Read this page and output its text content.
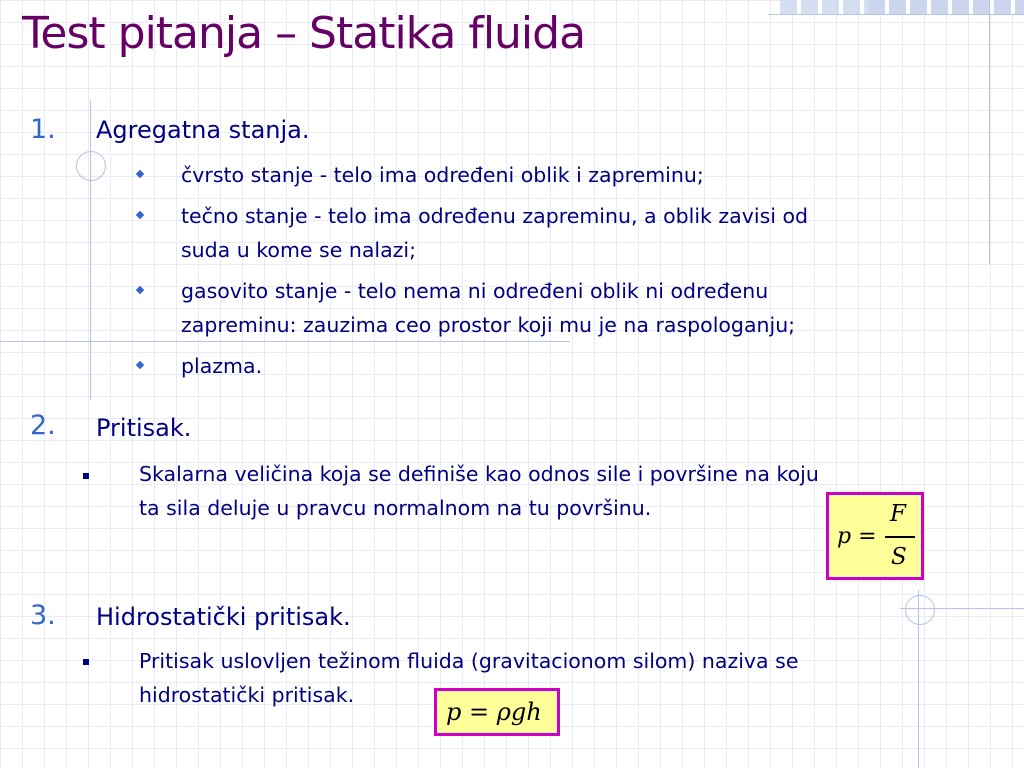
Test pitanja – Statika fluida
1. Agregatna stanja.
čvrsto stanje - telo ima određeni oblik i zapreminu;
tečno stanje - telo ima određenu zapreminu, a oblik zavisi od
suda u kome se nalazi;
gasovito stanje - telo nema ni određeni oblik ni određenu
zapreminu: zauzima ceo prostor koji mu je na raspologanju;
plazma.
2. Pritisak.
Skalarna veličina koja se definiše kao odnos sile i površine na koju
ta sila deluje u pravcu normalnom na tu površinu.
p =
F
S
3. Hidrostatički pritisak.
Pritisak uslovljen težinom fluida (gravitacionom silom) naziva se
hidrostatički pritisak.
p = ρgh
